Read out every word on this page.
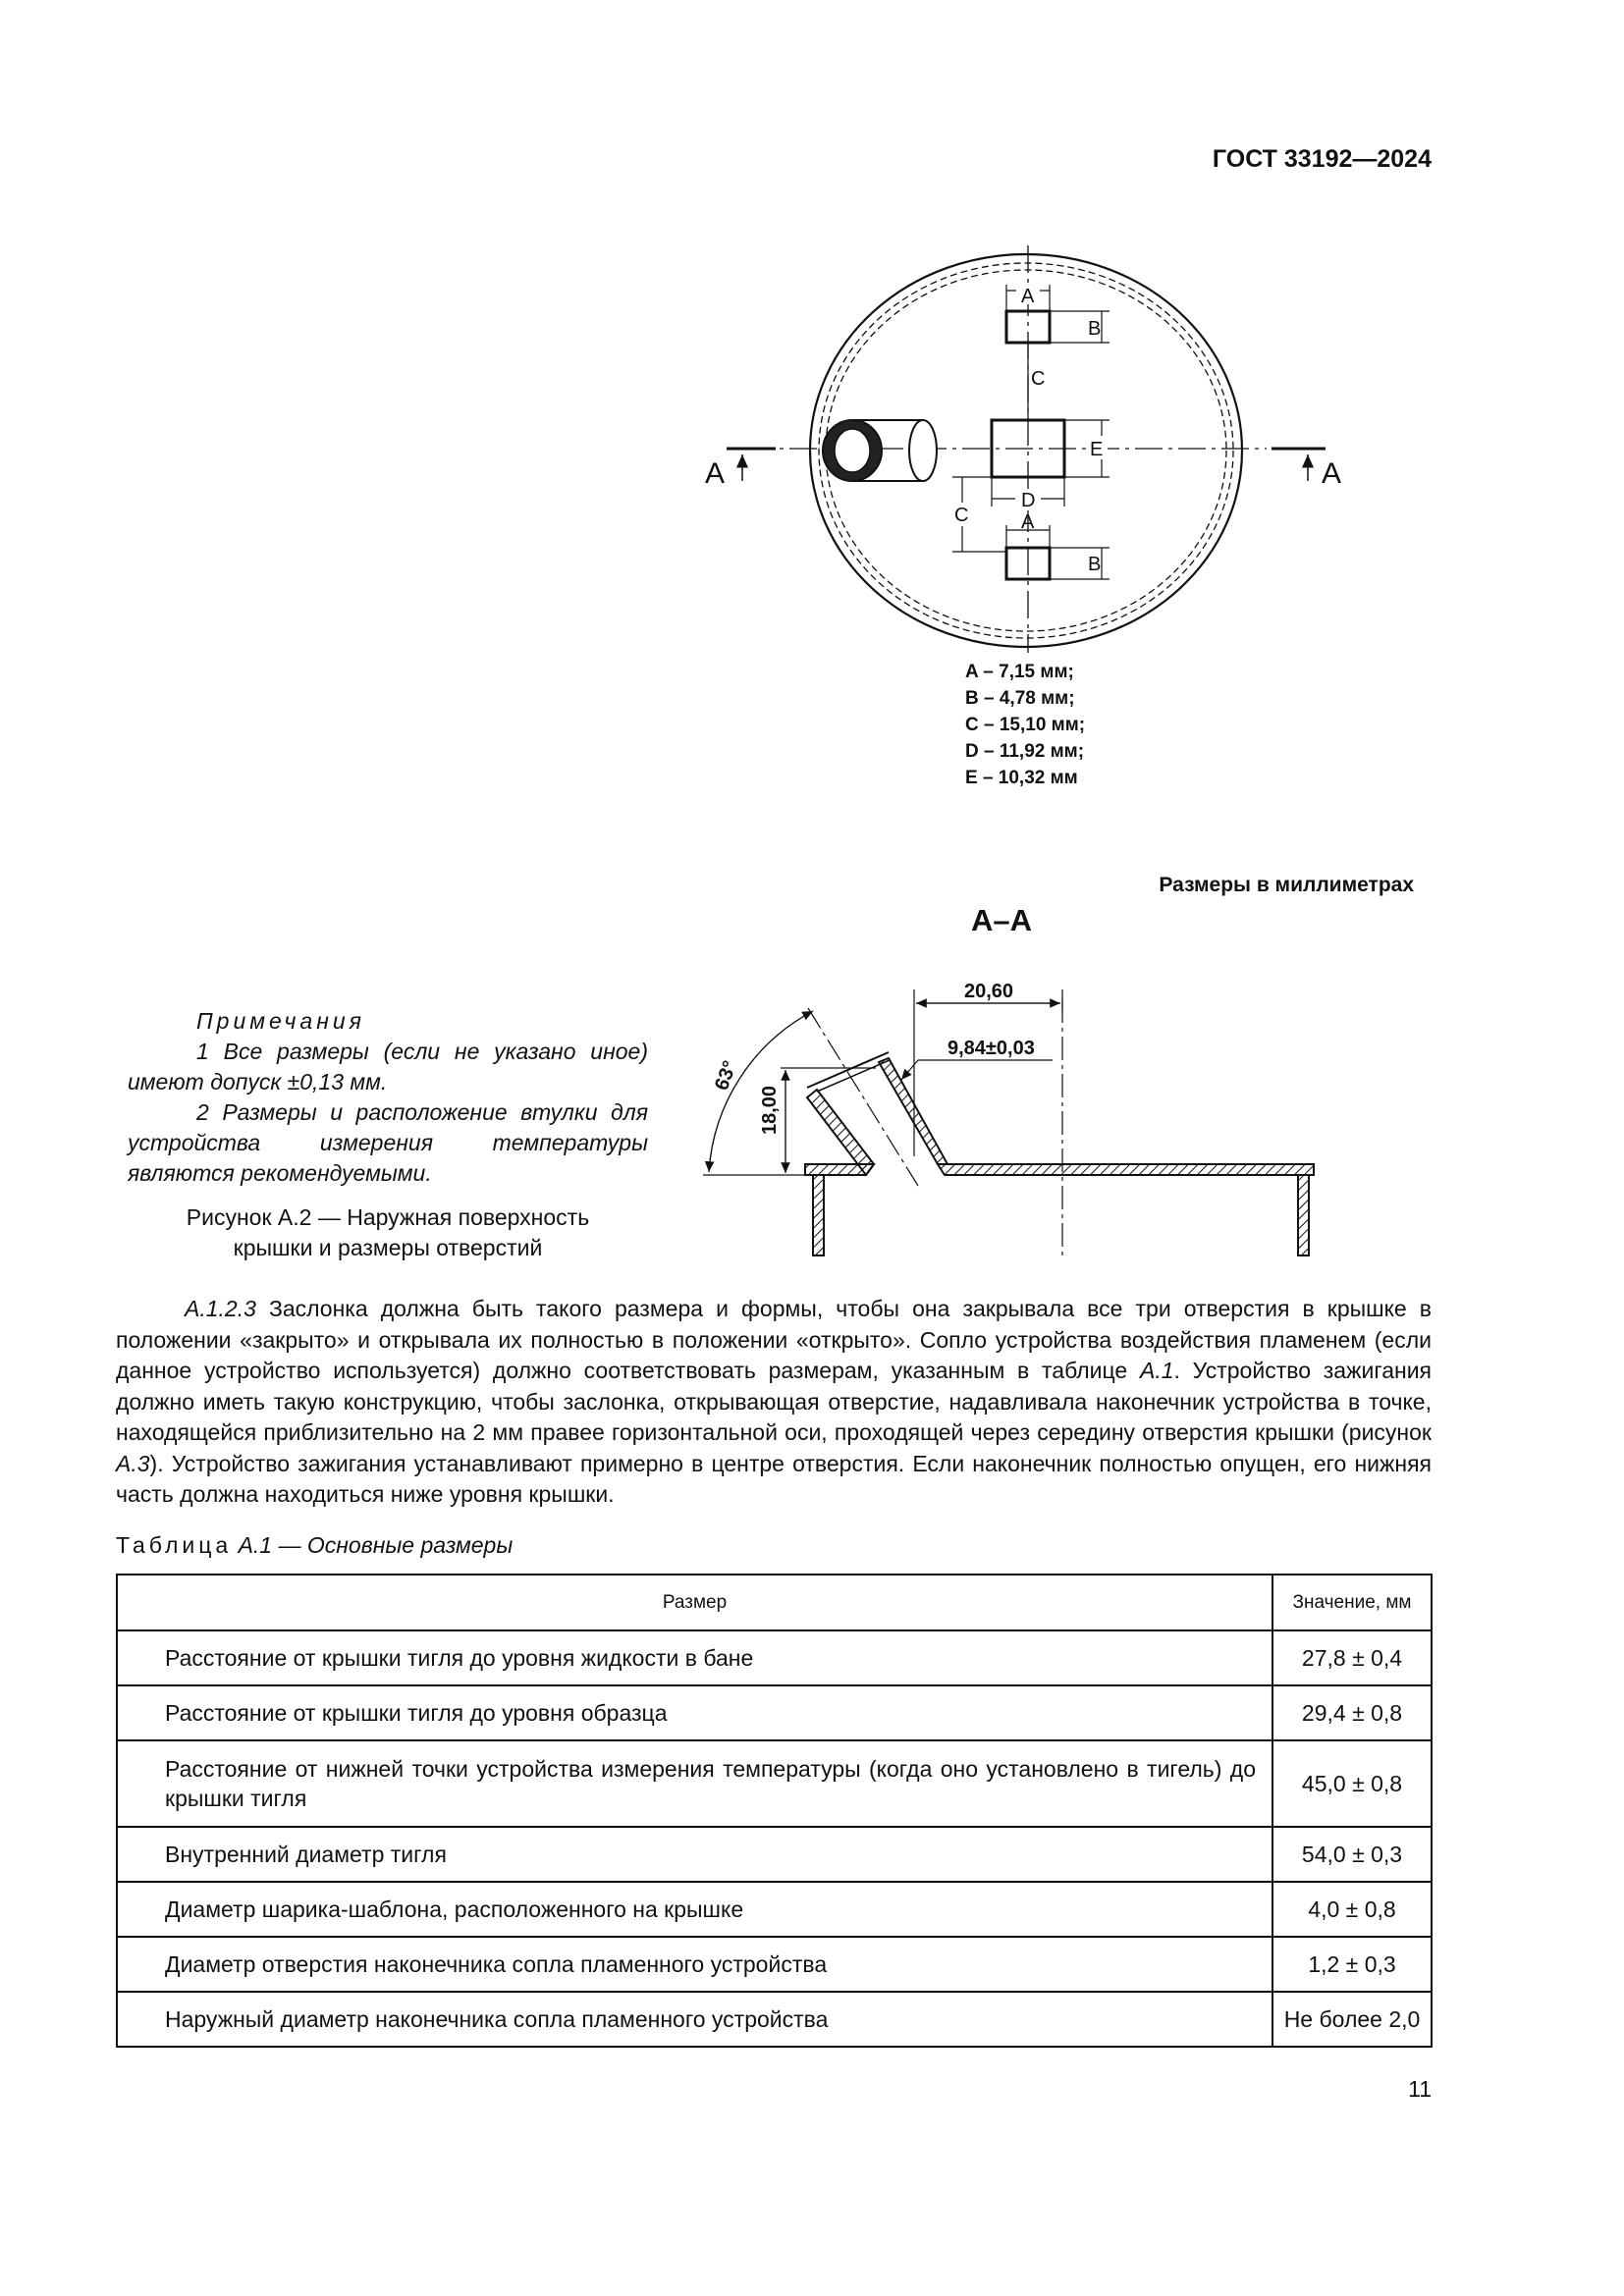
ГОСТ 33192—2024
A
B
C
E
D
C	A
B
A	A
A – 7,15 мм;
B – 4,78 мм;
C – 15,10 мм;
D – 11,92 мм;
E – 10,32 мм
Размеры в миллиметрах
А–А
20,60
9,84±0,03
18,00
63°
Примечания
1 Все размеры (если не указано иное) имеют допуск ±0,13 мм.
2 Размеры и расположение втулки для устройства измерения температуры являются рекомендуемыми.
Рисунок А.2 — Наружная поверхность
крышки и размеры отверстий
А.1.2.3 Заслонка должна быть такого размера и формы, чтобы она закрывала все три отверстия в крышке в положении «закрыто» и открывала их полностью в положении «открыто». Сопло устройства воздействия пламенем (если данное устройство используется) должно соответствовать размерам, указанным в таблице А.1. Устройство зажигания должно иметь такую конструкцию, чтобы заслонка, открывающая отверстие, надавливала наконечник устройства в точке, находящейся приблизительно на 2 мм правее горизонтальной оси, проходящей через середину отверстия крышки (рисунок А.3). Устройство зажигания устанавливают примерно в центре отверстия. Если наконечник полностью опущен, его нижняя часть должна находиться ниже уровня крышки.
Таблица А.1 — Основные размеры
Размер	Значение, мм
Расстояние от крышки тигля до уровня жидкости в бане	27,8 ± 0,4
Расстояние от крышки тигля до уровня образца	29,4 ± 0,8
Расстояние от нижней точки устройства измерения температуры (когда оно установлено в тигель) до крышки тигля	45,0 ± 0,8
Внутренний диаметр тигля	54,0 ± 0,3
Диаметр шарика-шаблона, расположенного на крышке	4,0 ± 0,8
Диаметр отверстия наконечника сопла пламенного устройства	1,2 ± 0,3
Наружный диаметр наконечника сопла пламенного устройства	Не более 2,0
11
